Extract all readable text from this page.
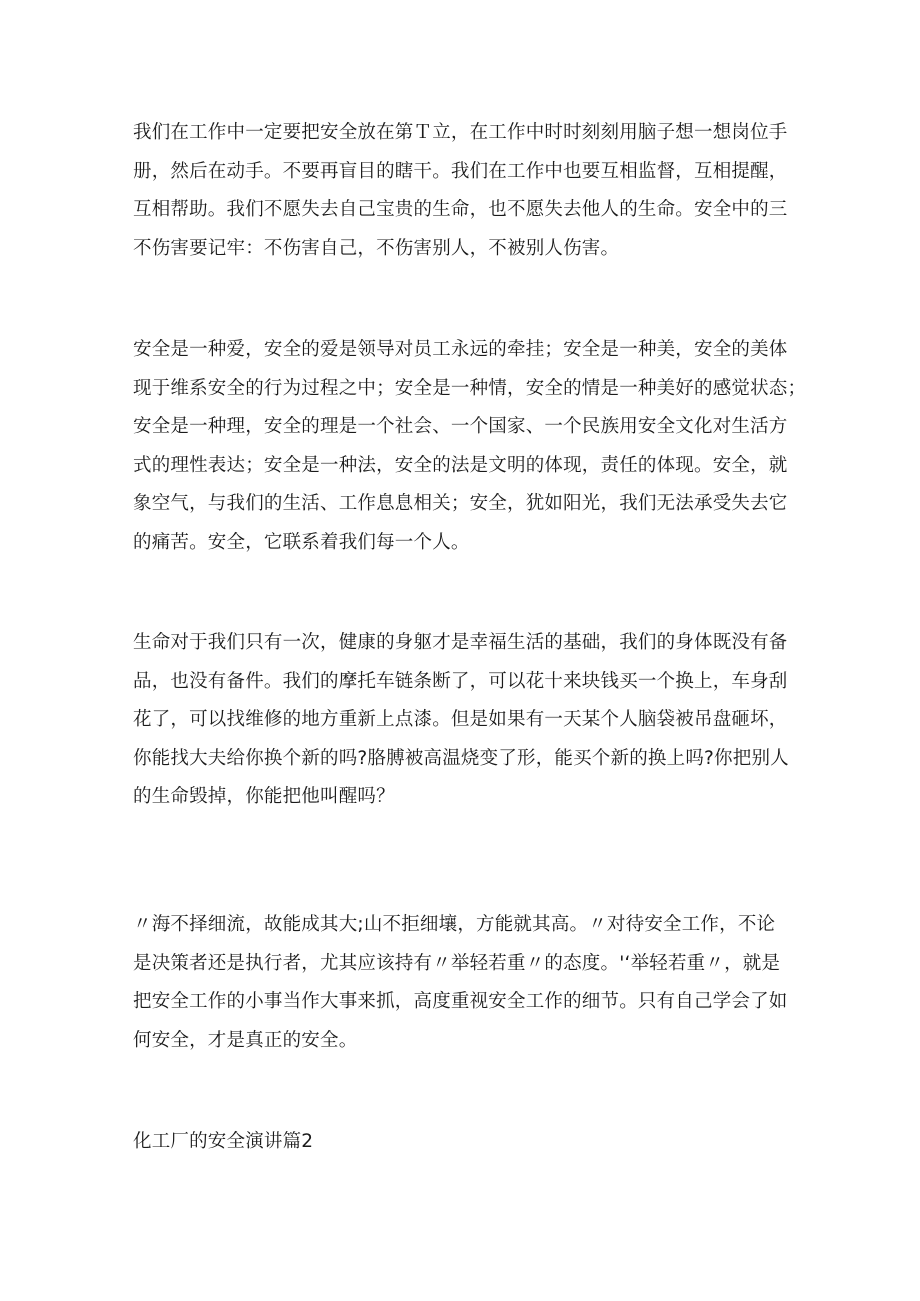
我们在工作中一定要把安全放在第Ｔ立，在工作中时时刻刻用脑子想一想岗位手
册，然后在动手。不要再盲目的瞎干。我们在工作中也要互相监督，互相提醒，
互相帮助。我们不愿失去自己宝贵的生命，也不愿失去他人的生命。安全中的三
不伤害要记牢：不伤害自己，不伤害别人，不被别人伤害。

安全是一种爱，安全的爱是领导对员工永远的牵挂；安全是一种美，安全的美体
现于维系安全的行为过程之中；安全是一种情，安全的情是一种美好的感觉状态；
安全是一种理，安全的理是一个社会、一个国家、一个民族用安全文化对生活方
式的理性表达；安全是一种法，安全的法是文明的体现，责任的体现。安全，就
象空气，与我们的生活、工作息息相关；安全，犹如阳光，我们无法承受失去它
的痛苦。安全，它联系着我们每一个人。

生命对于我们只有一次，健康的身躯才是幸福生活的基础，我们的身体既没有备
品，也没有备件。我们的摩托车链条断了，可以花十来块钱买一个换上，车身刮
花了，可以找维修的地方重新上点漆。但是如果有一天某个人脑袋被吊盘砸坏，
你能找大夫给你换个新的吗?胳膊被高温烧变了形，能买个新的换上吗?你把别人
的生命毁掉，你能把他叫醒吗？

〃海不择细流，故能成其大;山不拒细壤，方能就其高。〃对待安全工作，不论
是决策者还是执行者，尤其应该持有〃举轻若重〃的态度。'‘举轻若重〃，就是
把安全工作的小事当作大事来抓，高度重视安全工作的细节。只有自己学会了如
何安全，才是真正的安全。

化工厂的安全演讲篇2
